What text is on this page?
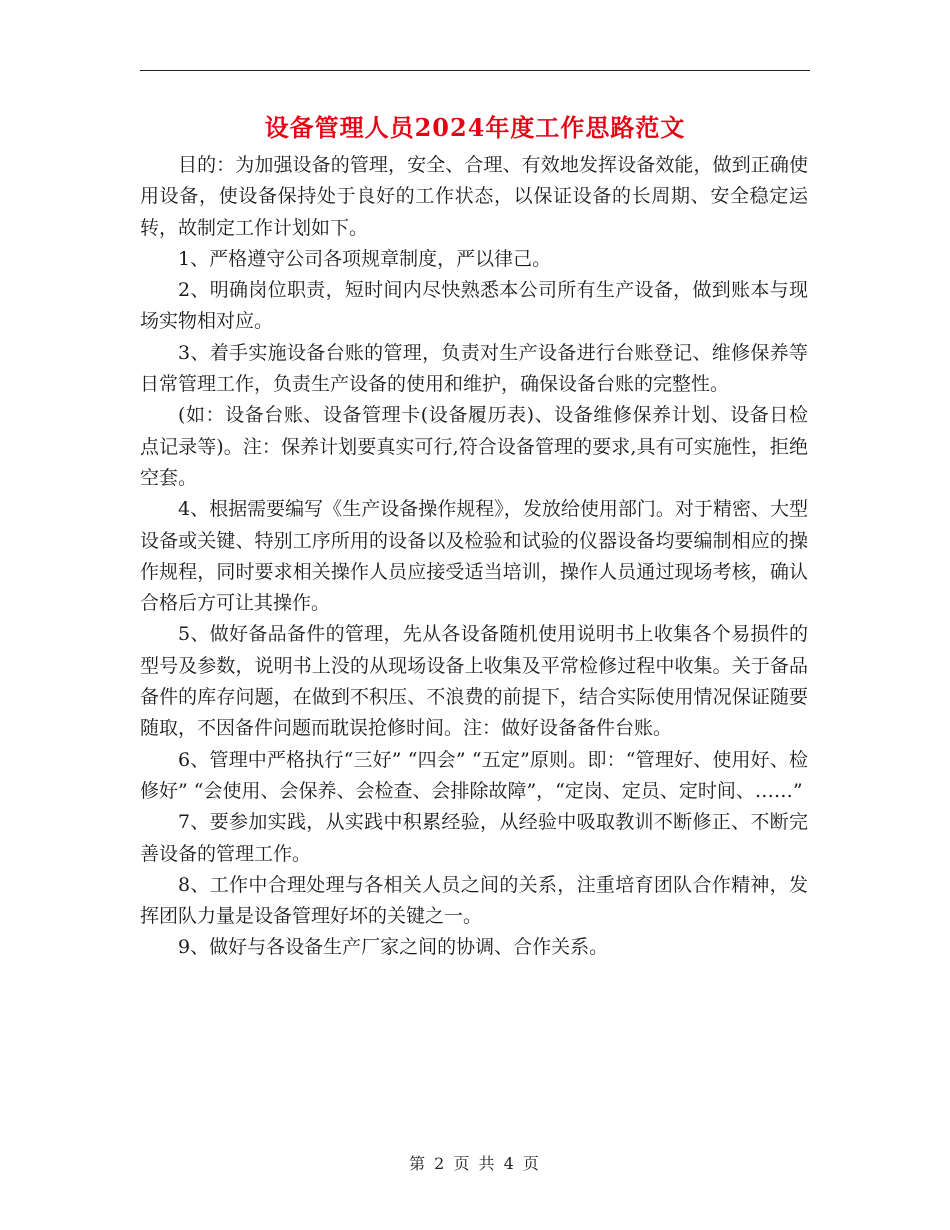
设备管理人员2024年度工作思路范文

目的：为加强设备的管理，安全、合理、有效地发挥设备效能，做到正确使用设备，使设备保持处于良好的工作状态，以保证设备的长周期、安全稳定运转，故制定工作计划如下。

1、严格遵守公司各项规章制度，严以律己。

2、明确岗位职责，短时间内尽快熟悉本公司所有生产设备，做到账本与现场实物相对应。

3、着手实施设备台账的管理，负责对生产设备进行台账登记、维修保养等日常管理工作，负责生产设备的使用和维护，确保设备台账的完整性。

(如：设备台账、设备管理卡(设备履历表)、设备维修保养计划、设备日检点记录等)。注：保养计划要真实可行,符合设备管理的要求,具有可实施性，拒绝空套。

4、根据需要编写《生产设备操作规程》，发放给使用部门。对于精密、大型设备或关键、特别工序所用的设备以及检验和试验的仪器设备均要编制相应的操作规程，同时要求相关操作人员应接受适当培训，操作人员通过现场考核，确认合格后方可让其操作。

5、做好备品备件的管理，先从各设备随机使用说明书上收集各个易损件的型号及参数，说明书上没的从现场设备上收集及平常检修过程中收集。关于备品备件的库存问题，在做到不积压、不浪费的前提下，结合实际使用情况保证随要随取，不因备件问题而耽误抢修时间。注：做好设备备件台账。

6、管理中严格执行“三好” “四会” “五定”原则。即：“管理好、使用好、检修好” “会使用、会保养、会检查、会排除故障”，“定岗、定员、定时间、……”

7、要参加实践，从实践中积累经验，从经验中吸取教训不断修正、不断完善设备的管理工作。

8、工作中合理处理与各相关人员之间的关系，注重培育团队合作精神，发挥团队力量是设备管理好坏的关键之一。

9、做好与各设备生产厂家之间的协调、合作关系。

第 2 页 共 4 页
